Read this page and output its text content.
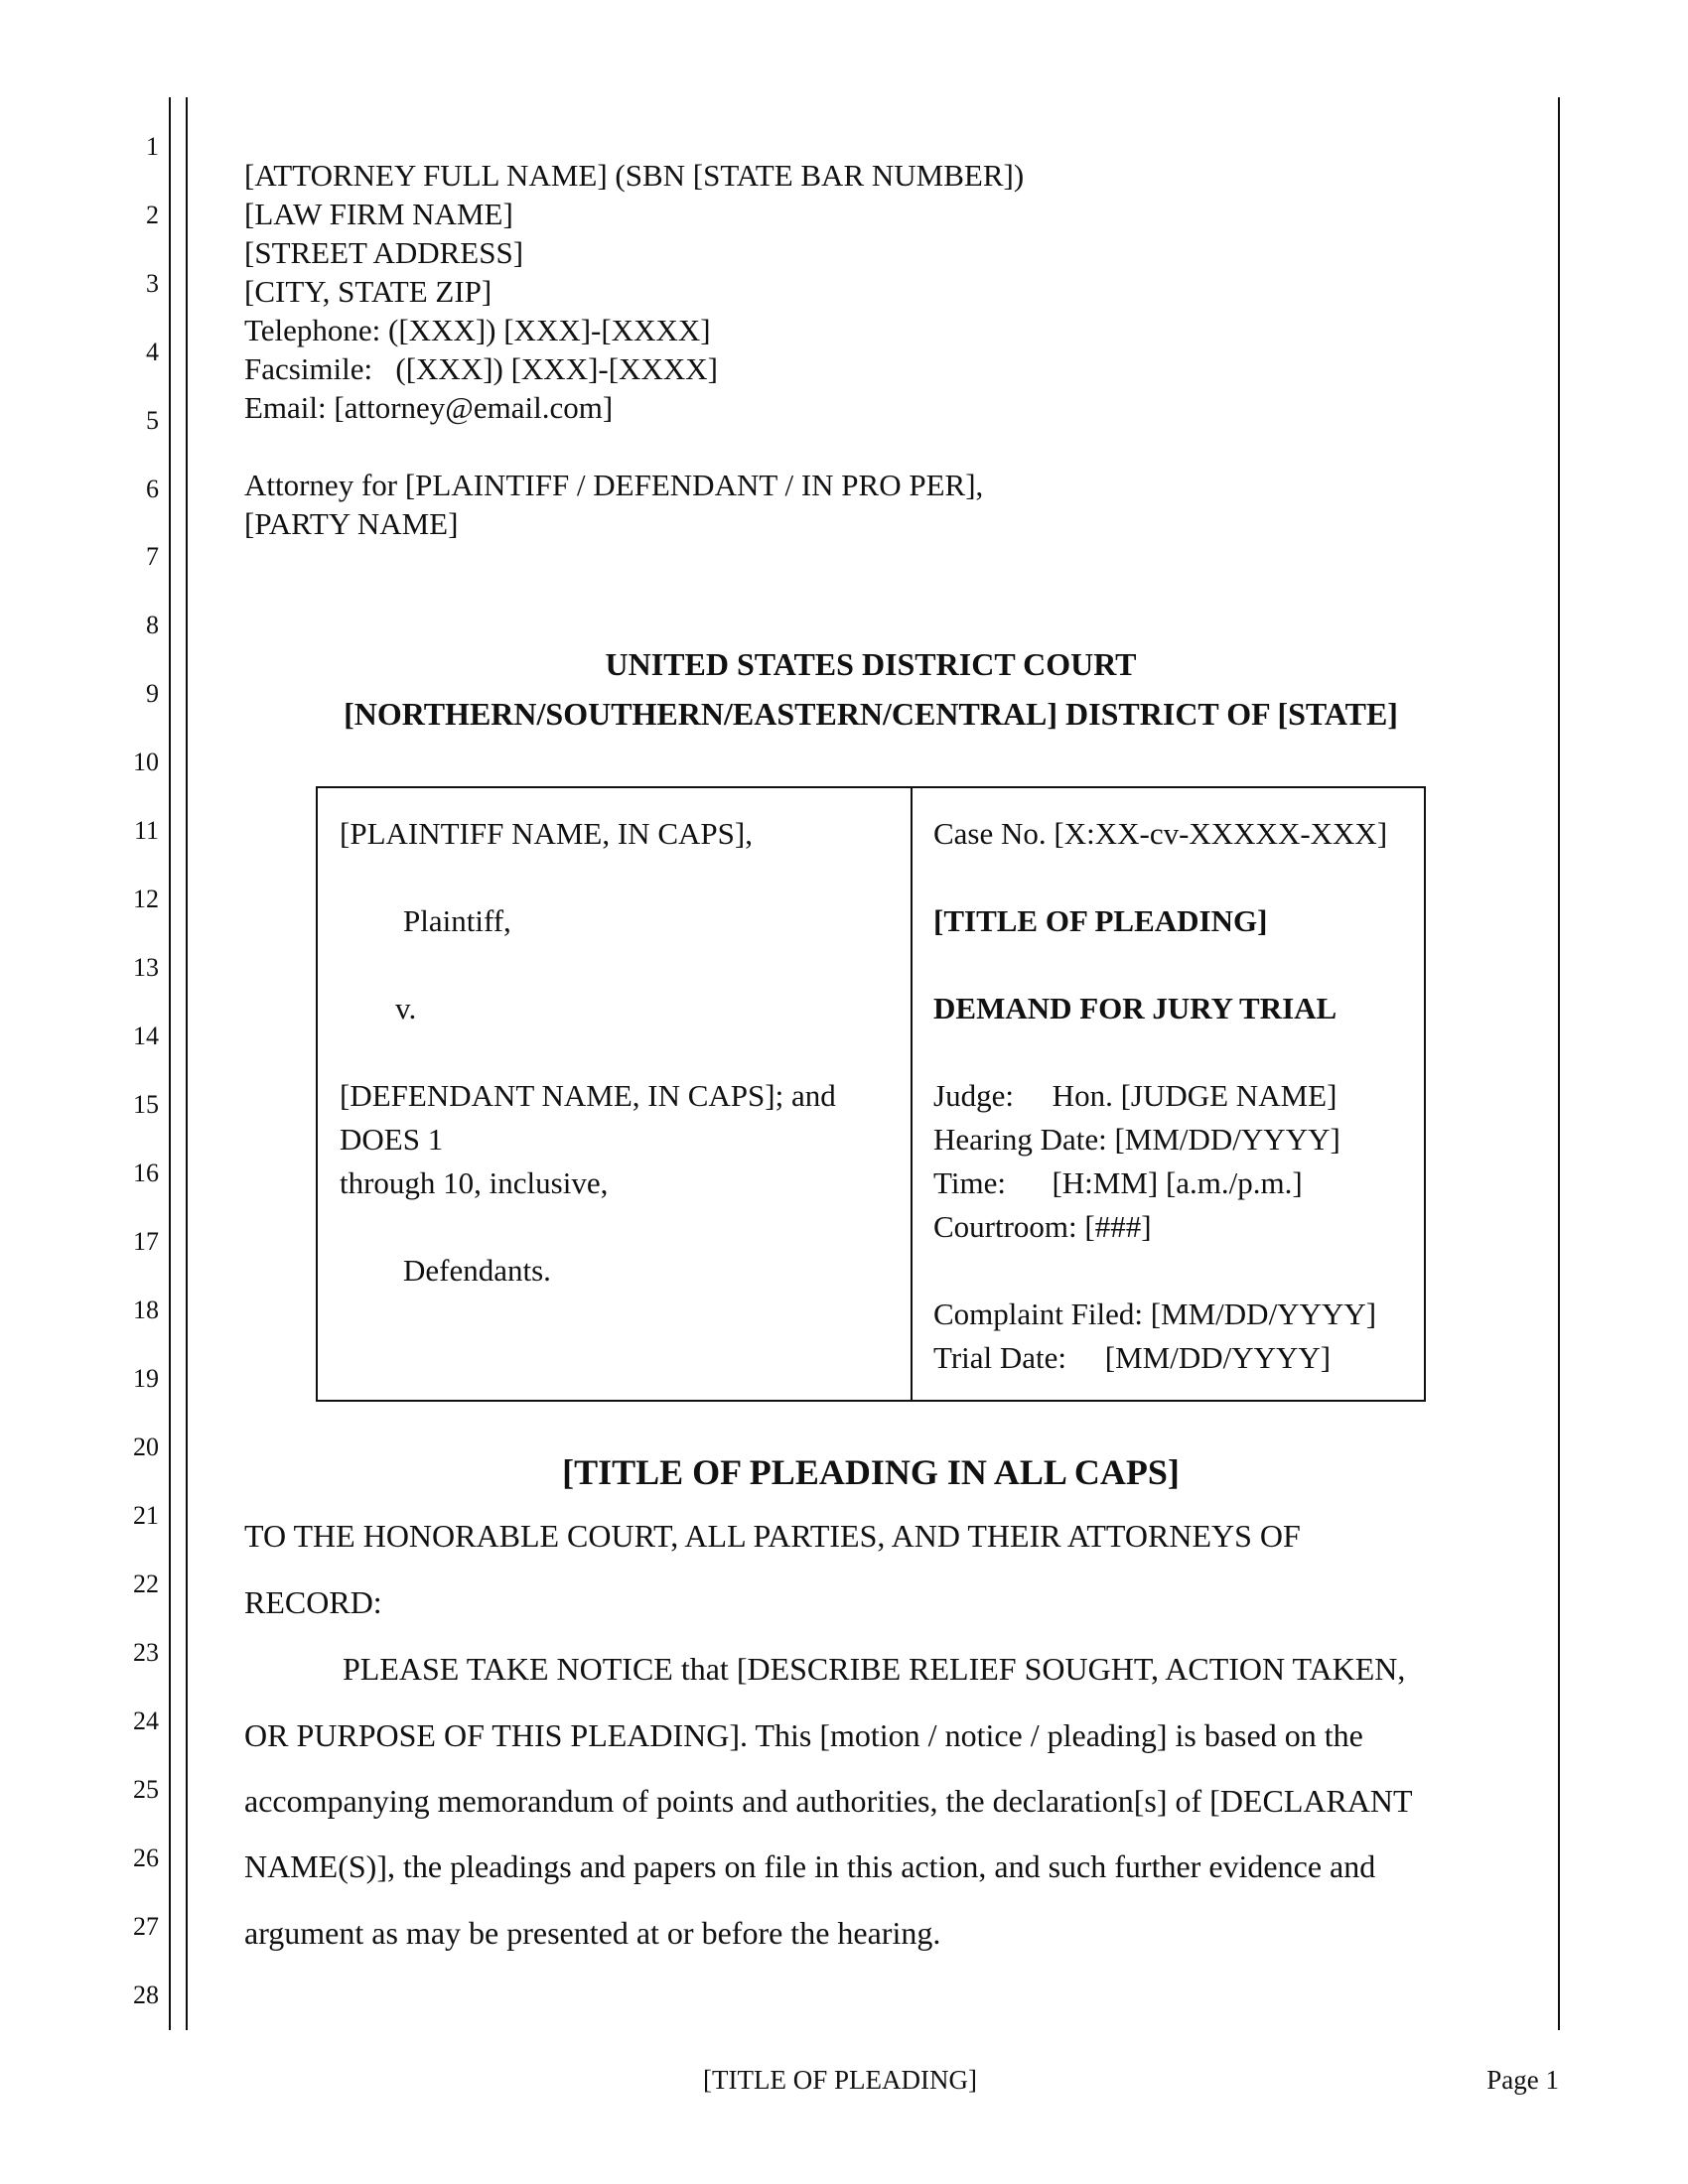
1
2
3
4
5
6
7
8
9
10
11
12
13
14
15
16
17
18
19
20
21
22
23
24
25
26
27
28
[ATTORNEY FULL NAME] (SBN [STATE BAR NUMBER])
[LAW FIRM NAME]
[STREET ADDRESS]
[CITY, STATE ZIP]
Telephone: ([XXX]) [XXX]-[XXXX]
Facsimile:   ([XXX]) [XXX]-[XXXX]
Email: [attorney@email.com]
Attorney for [PLAINTIFF / DEFENDANT / IN PRO PER],
[PARTY NAME]
UNITED STATES DISTRICT COURT
[NORTHERN/SOUTHERN/EASTERN/CENTRAL] DISTRICT OF [STATE]
[PLAINTIFF NAME, IN CAPS],
Plaintiff,
v.
[DEFENDANT NAME, IN CAPS]; and
DOES 1
through 10, inclusive,
Defendants.
Case No. [X:XX-cv-XXXXX-XXX]
[TITLE OF PLEADING]
DEMAND FOR JURY TRIAL
Judge:     Hon. [JUDGE NAME]
Hearing Date: [MM/DD/YYYY]
Time:      [H:MM] [a.m./p.m.]
Courtroom: [###]
Complaint Filed: [MM/DD/YYYY]
Trial Date:     [MM/DD/YYYY]
[TITLE OF PLEADING IN ALL CAPS]
TO THE HONORABLE COURT, ALL PARTIES, AND THEIR ATTORNEYS OF
RECORD:
PLEASE TAKE NOTICE that [DESCRIBE RELIEF SOUGHT, ACTION TAKEN,
OR PURPOSE OF THIS PLEADING]. This [motion / notice / pleading] is based on the
accompanying memorandum of points and authorities, the declaration[s] of [DECLARANT
NAME(S)], the pleadings and papers on file in this action, and such further evidence and
argument as may be presented at or before the hearing.
[TITLE OF PLEADING]	Page 1
